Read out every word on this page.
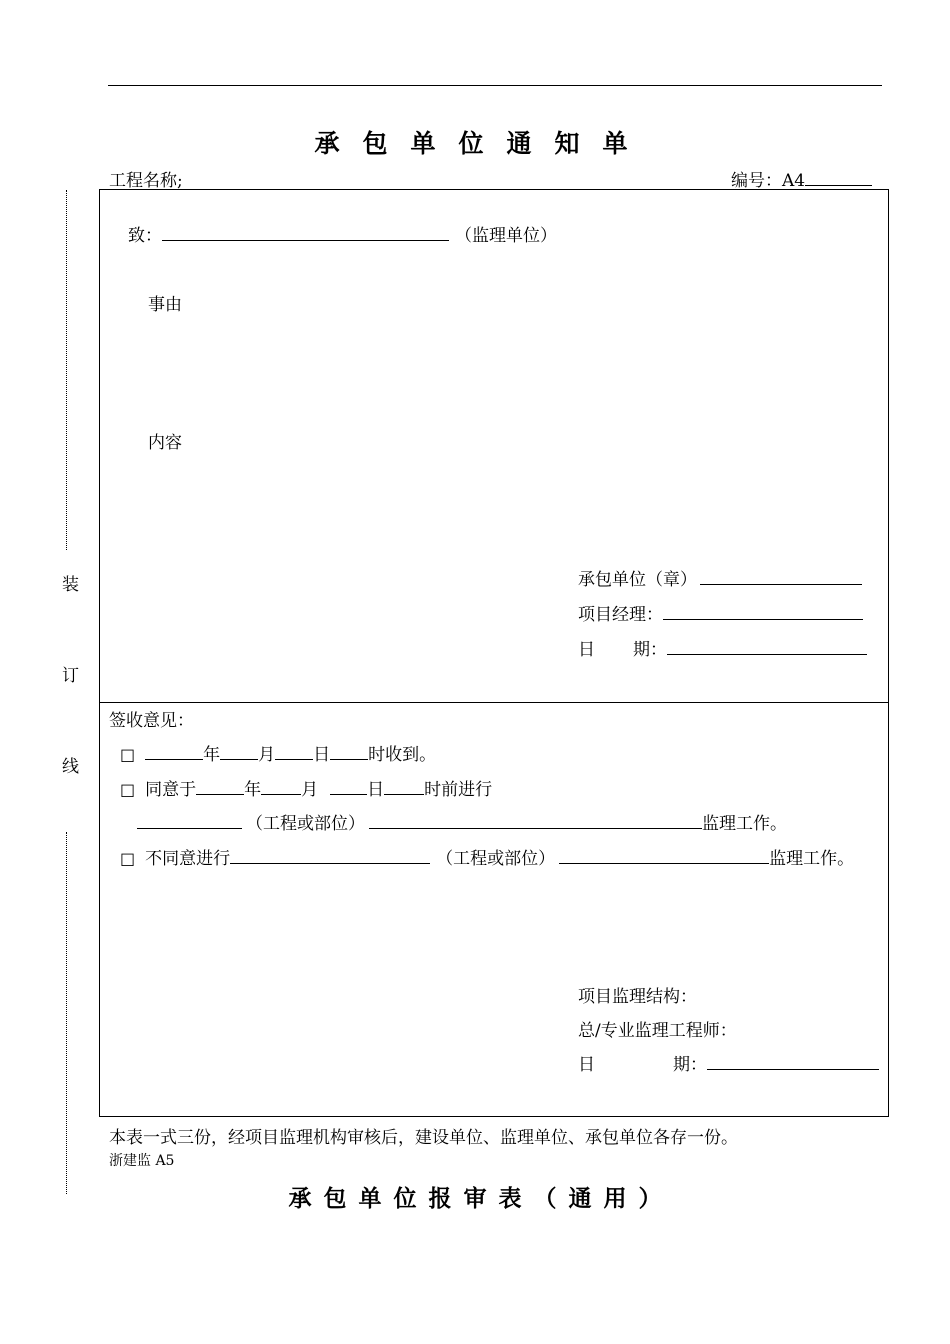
承包单位通知单
工程名称;	编号：A4
装
订
线
致：	（监理单位）
事由
内容
承包单位（章）
项目经理：
日 期：
签收意见：
□	年 月 日 时收到。
□ 同意于	年 月	日 时前进行
（工程或部位）	监理工作。
□ 不同意进行	（工程或部位）	监理工作。
项目监理结构：
总/专业监理工程师：
日	期：
本表一式三份，经项目监理机构审核后，建设单位、监理单位、承包单位各存一份。
浙建监 A5
承包单位报审表（通用）
